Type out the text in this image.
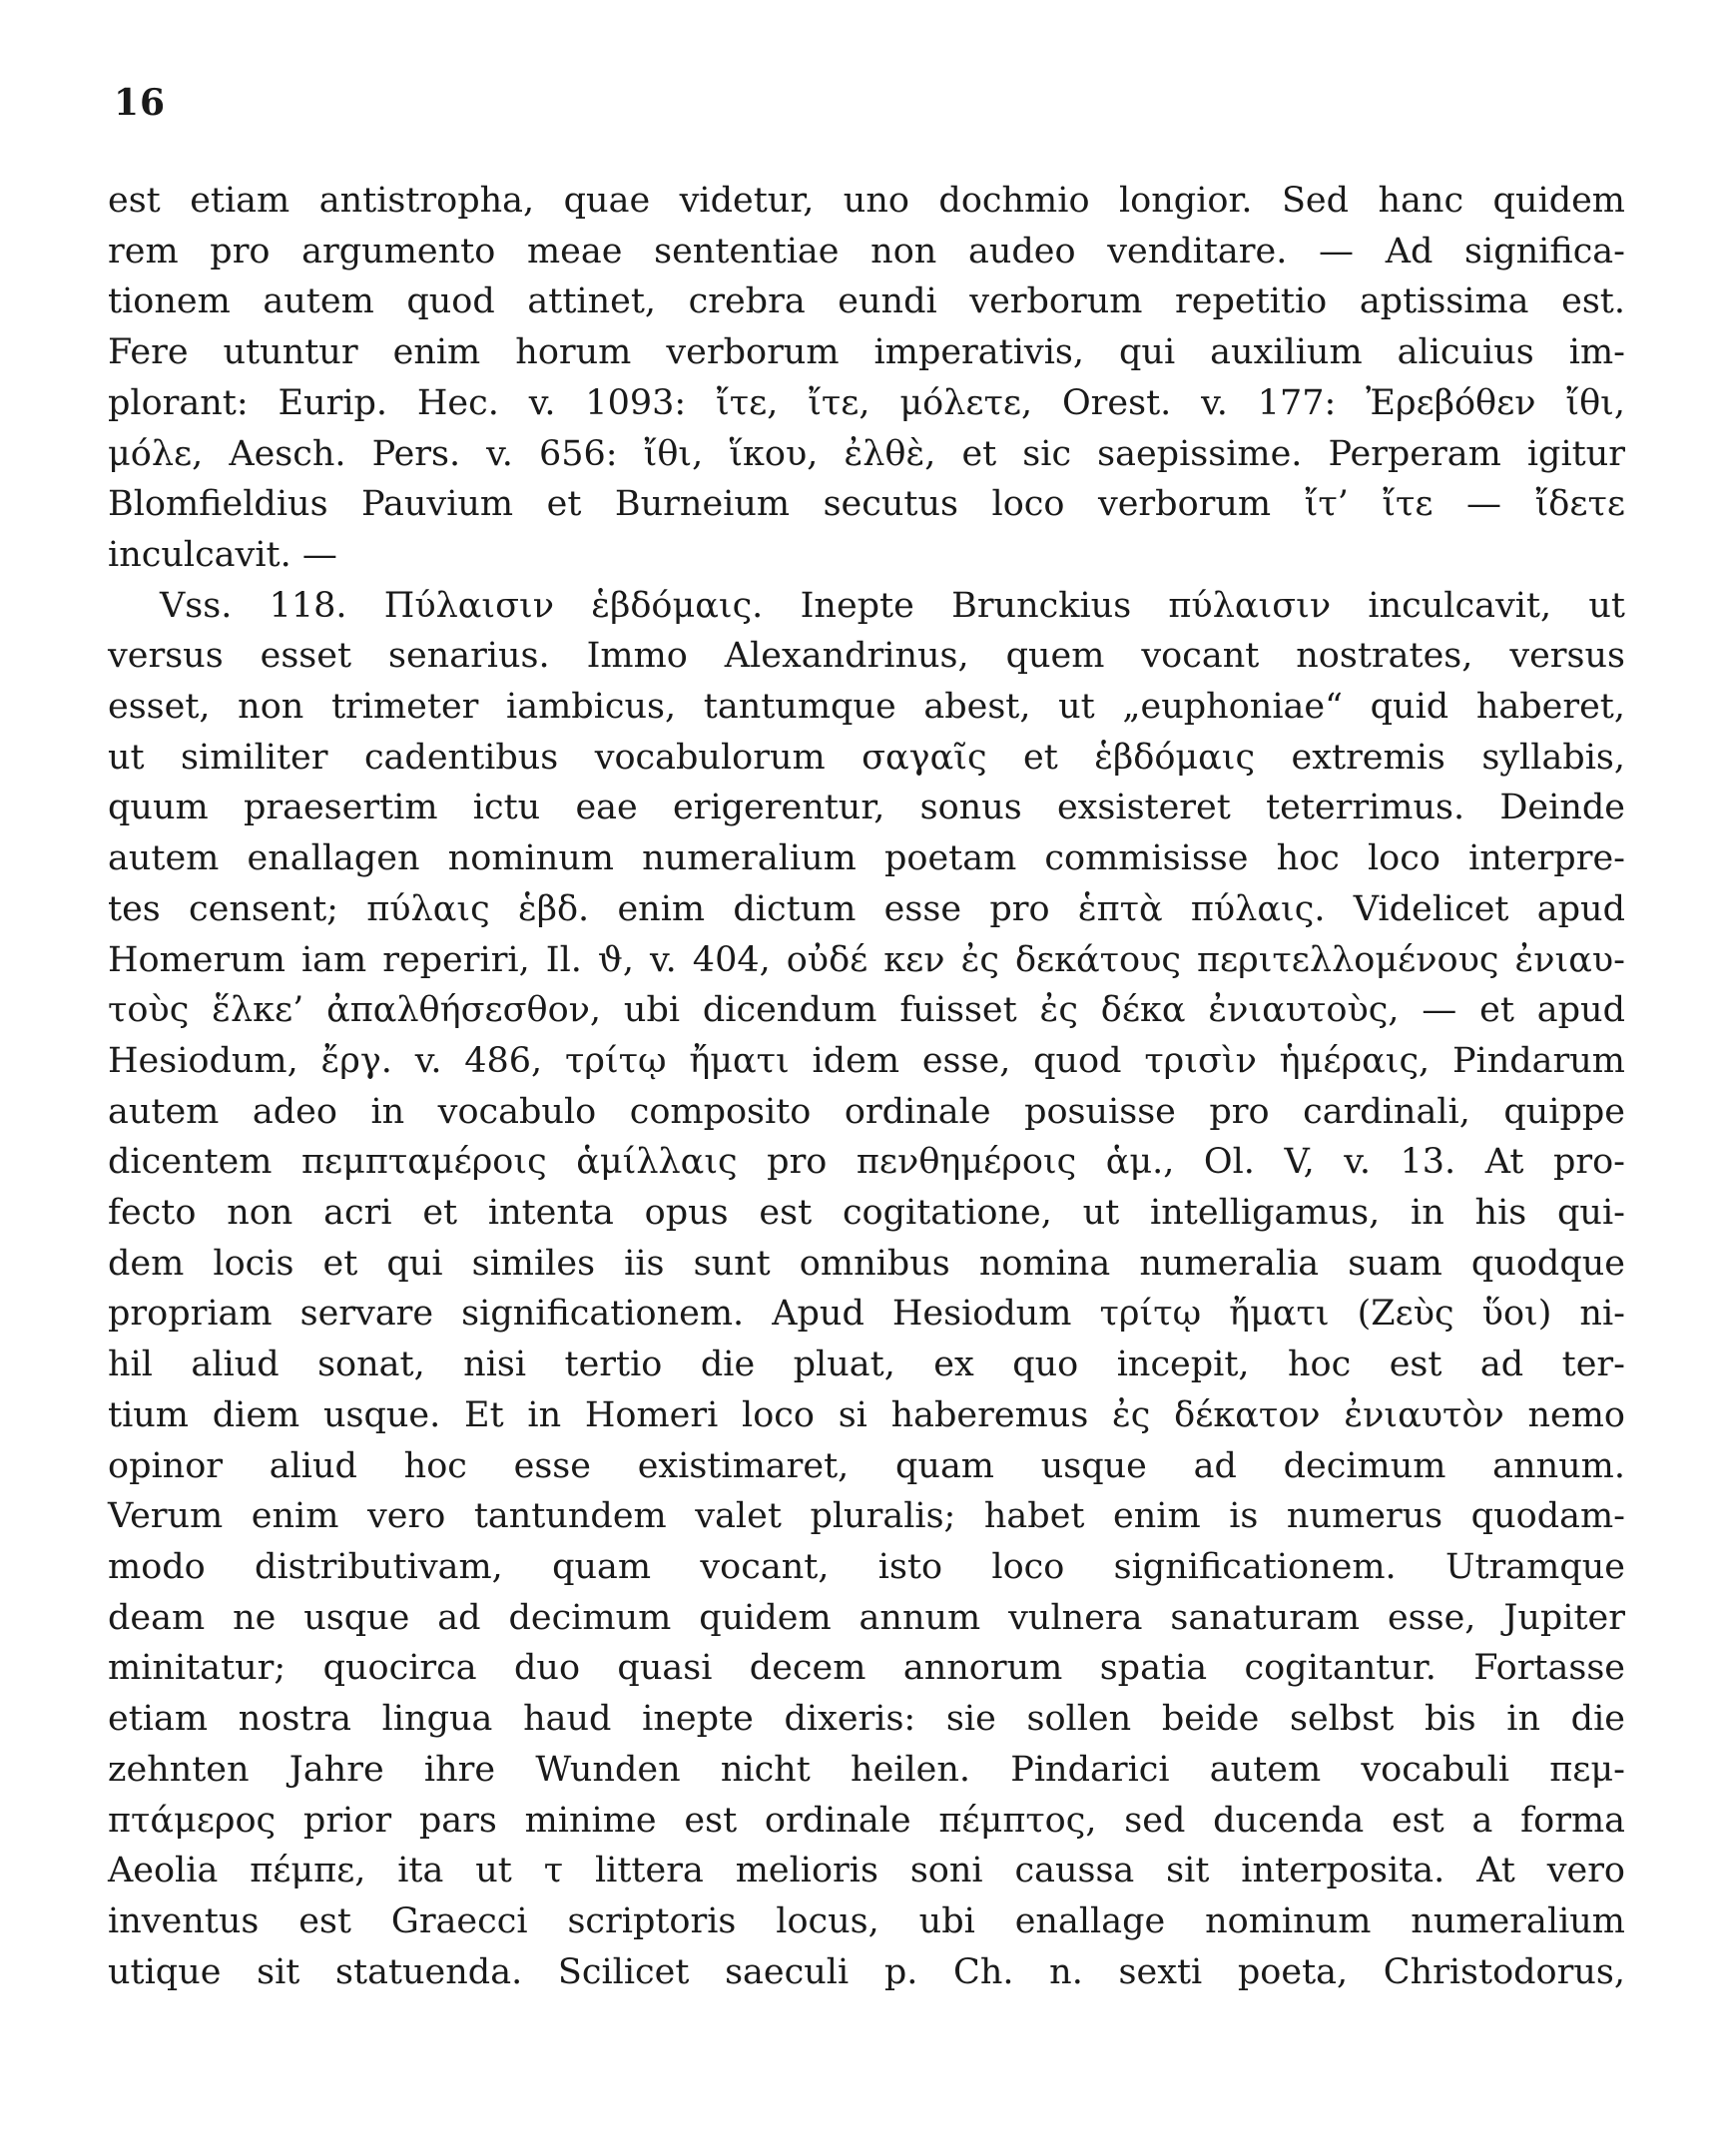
16
est etiam antistropha, quae videtur, uno dochmio longior. Sed hanc quidem
rem pro argumento meae sententiae non audeo venditare. — Ad significa-
tionem autem quod attinet, crebra eundi verborum repetitio aptissima est.
Fere utuntur enim horum verborum imperativis, qui auxilium alicuius im-
plorant: Eurip. Hec. v. 1093: ἴτε, ἴτε, μόλετε, Orest. v. 177: Ἐρεβόθεν ἴθι,
μόλε, Aesch. Pers. v. 656: ἴθι, ἵκου, ἐλθὲ, et sic saepissime. Perperam igitur
Blomfieldius Pauvium et Burneium secutus loco verborum ἴτ’ ἴτε — ἴδετε
inculcavit. —
Vss. 118. Πύλαισιν ἑβδόμαις. Inepte Brunckius πύλαισιν inculcavit, ut
versus esset senarius. Immo Alexandrinus, quem vocant nostrates, versus
esset, non trimeter iambicus, tantumque abest, ut „euphoniae“ quid haberet,
ut similiter cadentibus vocabulorum σαγαῖς et ἑβδόμαις extremis syllabis,
quum praesertim ictu eae erigerentur, sonus exsisteret teterrimus. Deinde
autem enallagen nominum numeralium poetam commisisse hoc loco interpre-
tes censent; πύλαις ἑβδ. enim dictum esse pro ἑπτὰ πύλαις. Videlicet apud
Homerum iam reperiri, Il. ϑ, v. 404, οὐδέ κεν ἐς δεκάτους περιτελλομένους ἐνιαυ-
τοὺς ἕλκε’ ἀπαλθήσεσθον, ubi dicendum fuisset ἐς δέκα ἐνιαυτοὺς, — et apud
Hesiodum, ἔργ. v. 486, τρίτῳ ἤματι idem esse, quod τρισὶν ἡμέραις, Pindarum
autem adeo in vocabulo composito ordinale posuisse pro cardinali, quippe
dicentem πεμπταμέροις ἁμίλλαις pro πενθημέροις ἁμ., Ol. V, v. 13. At pro-
fecto non acri et intenta opus est cogitatione, ut intelligamus, in his qui-
dem locis et qui similes iis sunt omnibus nomina numeralia suam quodque
propriam servare significationem. Apud Hesiodum τρίτῳ ἤματι (Ζεὺς ὕοι) ni-
hil aliud sonat, nisi tertio die pluat, ex quo incepit, hoc est ad ter-
tium diem usque. Et in Homeri loco si haberemus ἐς δέκατον ἐνιαυτὸν nemo
opinor aliud hoc esse existimaret, quam usque ad decimum annum.
Verum enim vero tantundem valet pluralis; habet enim is numerus quodam-
modo distributivam, quam vocant, isto loco significationem. Utramque
deam ne usque ad decimum quidem annum vulnera sanaturam esse, Jupiter
minitatur; quocirca duo quasi decem annorum spatia cogitantur. Fortasse
etiam nostra lingua haud inepte dixeris: sie sollen beide selbst bis in die
zehnten Jahre ihre Wunden nicht heilen. Pindarici autem vocabuli πεμ-
πτάμερος prior pars minime est ordinale πέμπτος, sed ducenda est a forma
Aeolia πέμπε, ita ut τ littera melioris soni caussa sit interposita. At vero
inventus est Graecci scriptoris locus, ubi enallage nominum numeralium
utique sit statuenda. Scilicet saeculi p. Ch. n. sexti poeta, Christodorus,
